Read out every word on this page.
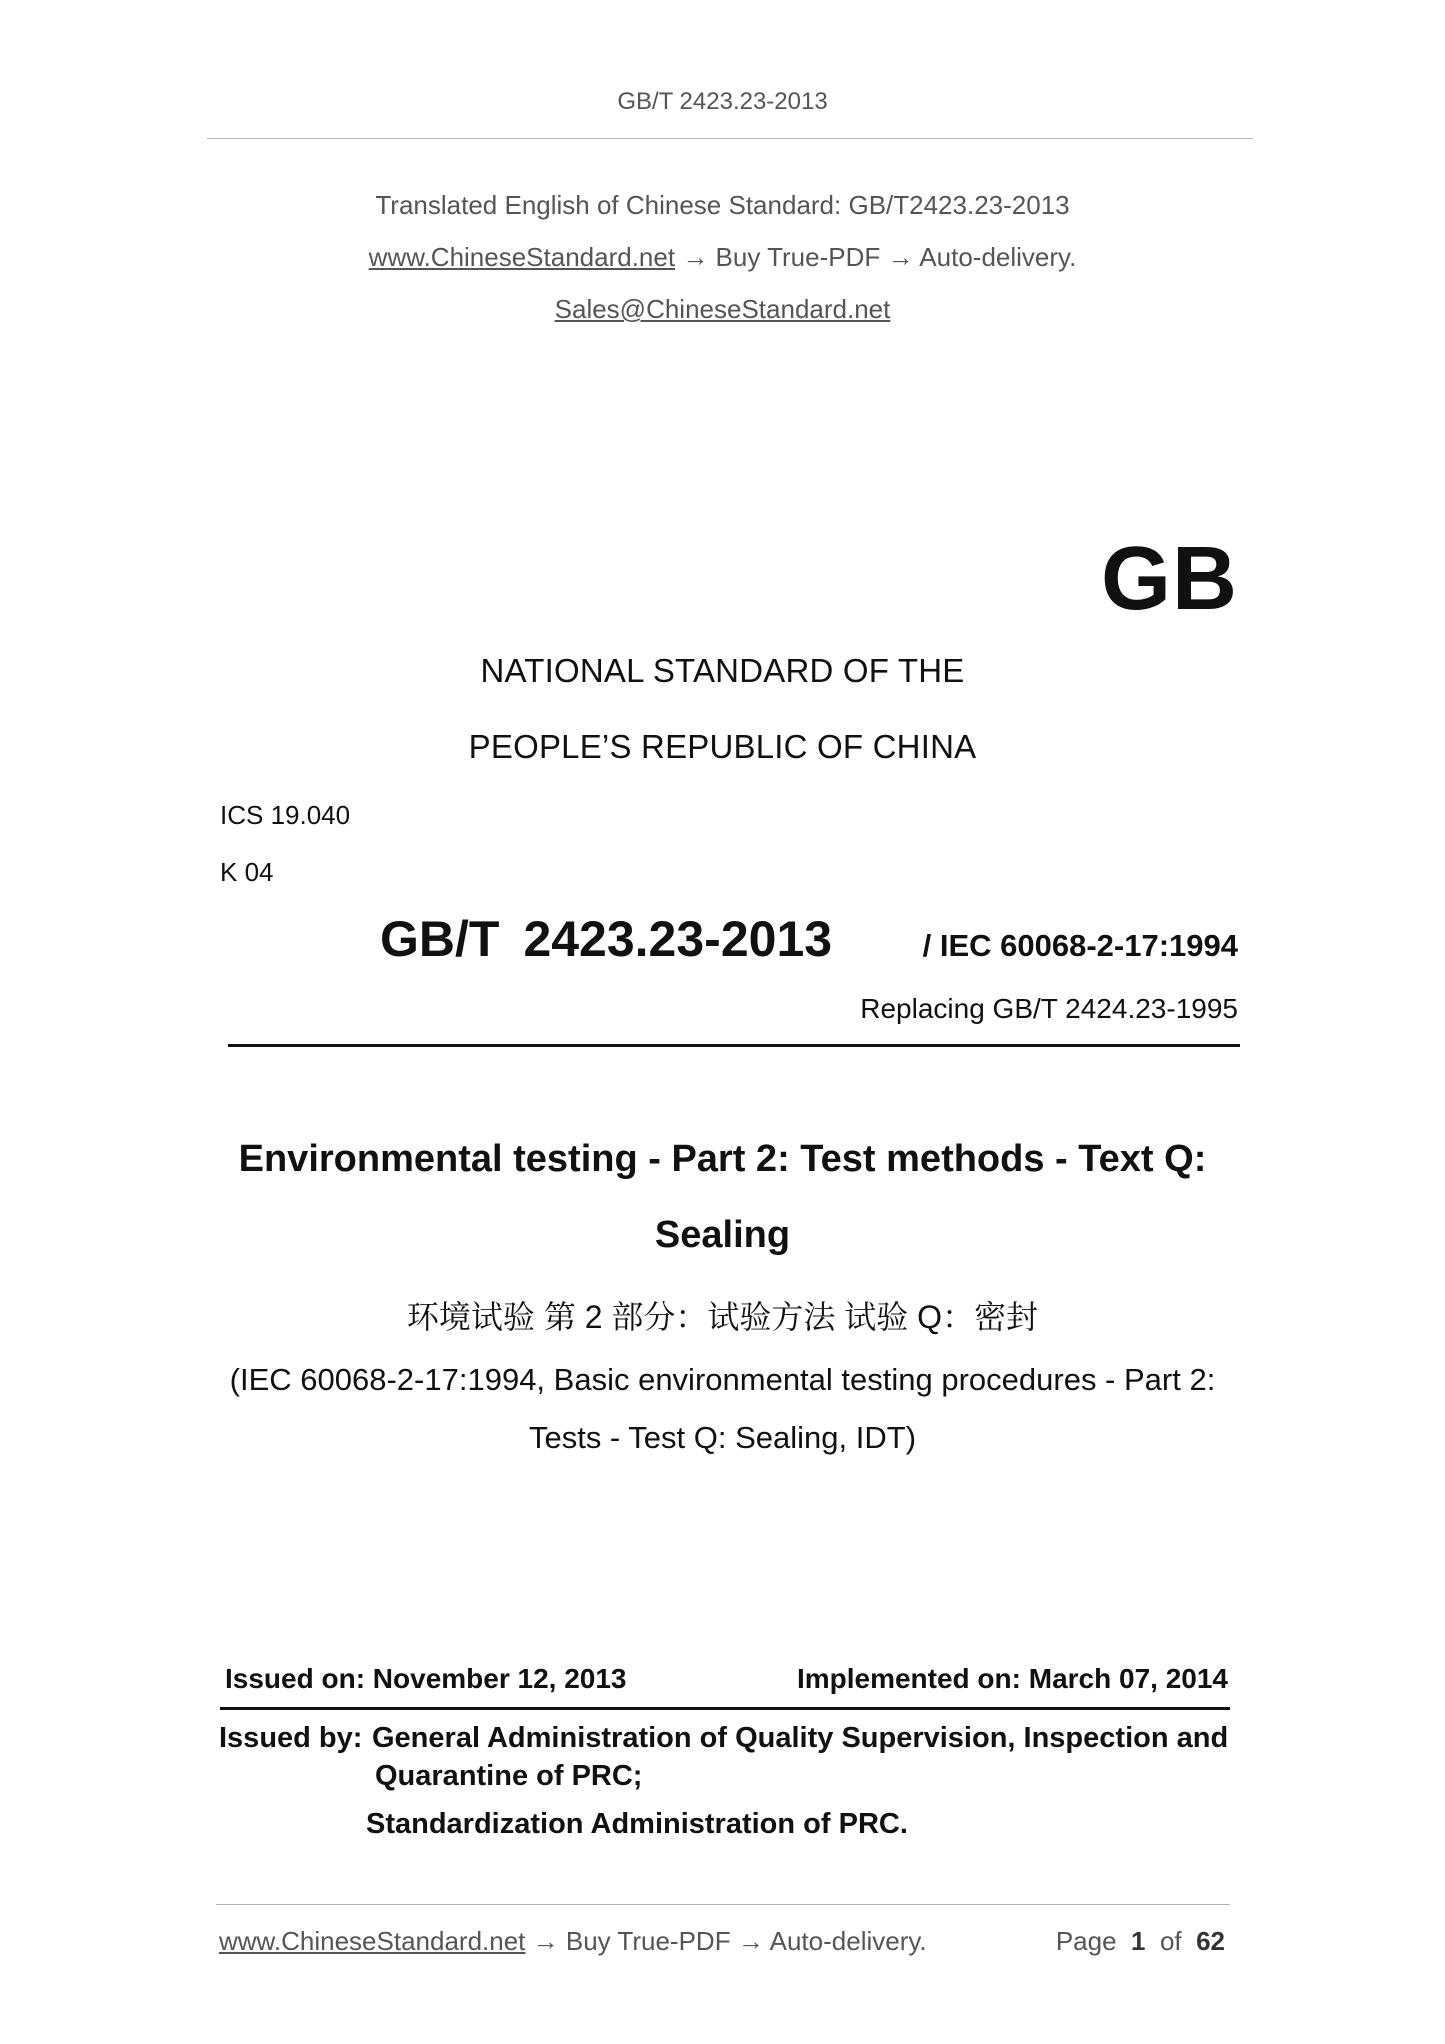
GB/T 2423.23-2013
Translated English of Chinese Standard: GB/T2423.23-2013
www.ChineseStandard.net → Buy True-PDF → Auto-delivery.
Sales@ChineseStandard.net
GB
NATIONAL STANDARD OF THE
PEOPLE’S REPUBLIC OF CHINA
ICS 19.040
K 04
GB/T 2423.23-2013	/ IEC 60068-2-17:1994
Replacing GB/T 2424.23-1995
Environmental testing - Part 2: Test methods - Text Q:
Sealing
环境试验 第 2 部分：试验方法 试验 Q：密封
(IEC 60068-2-17:1994, Basic environmental testing procedures - Part 2:
Tests - Test Q: Sealing, IDT)
Issued on: November 12, 2013	Implemented on: March 07, 2014
Issued by: General Administration of Quality Supervision, Inspection and
Quarantine of PRC;
Standardization Administration of PRC.
www.ChineseStandard.net → Buy True-PDF → Auto-delivery.	Page 1 of 62
